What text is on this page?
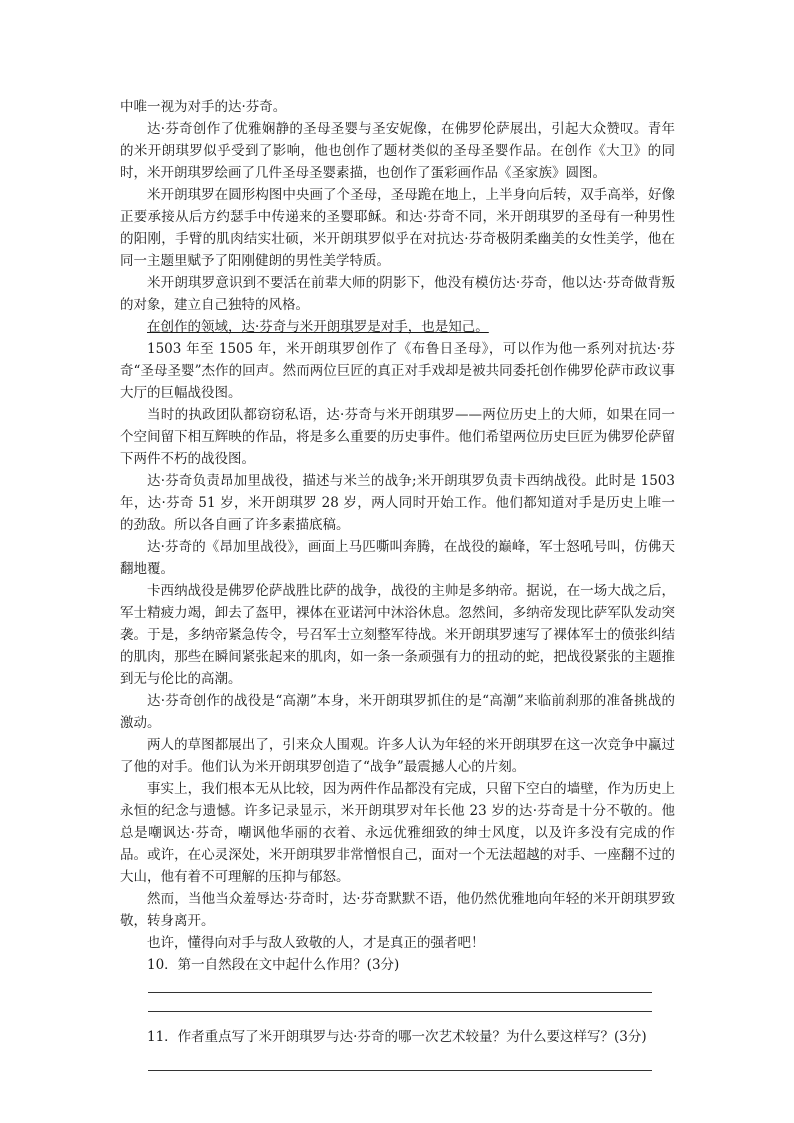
中唯一视为对手的达·芬奇。

达·芬奇创作了优雅娴静的圣母圣婴与圣安妮像，在佛罗伦萨展出，引起大众赞叹。青年的米开朗琪罗似乎受到了影响，他也创作了题材类似的圣母圣婴作品。在创作《大卫》的同时，米开朗琪罗绘画了几件圣母圣婴素描，也创作了蛋彩画作品《圣家族》圆图。

米开朗琪罗在圆形构图中央画了个圣母，圣母跪在地上，上半身向后转，双手高举，好像正要承接从后方约瑟手中传递来的圣婴耶稣。和达·芬奇不同，米开朗琪罗的圣母有一种男性的阳刚，手臂的肌肉结实壮硕，米开朗琪罗似乎在对抗达·芬奇极阴柔幽美的女性美学，他在同一主题里赋予了阳刚健朗的男性美学特质。

米开朗琪罗意识到不要活在前辈大师的阴影下，他没有模仿达·芬奇，他以达·芬奇做背叛的对象，建立自己独特的风格。

在创作的领域，达·芬奇与米开朗琪罗是对手，也是知己。

1503 年至 1505 年，米开朗琪罗创作了《布鲁日圣母》，可以作为他一系列对抗达·芬奇“圣母圣婴”杰作的回声。然而两位巨匠的真正对手戏却是被共同委托创作佛罗伦萨市政议事大厅的巨幅战役图。

当时的执政团队都窃窃私语，达·芬奇与米开朗琪罗——两位历史上的大师，如果在同一个空间留下相互辉映的作品，将是多么重要的历史事件。他们希望两位历史巨匠为佛罗伦萨留下两件不朽的战役图。

达·芬奇负责昂加里战役，描述与米兰的战争;米开朗琪罗负责卡西纳战役。此时是 1503年，达·芬奇 51 岁，米开朗琪罗 28 岁，两人同时开始工作。他们都知道对手是历史上唯一的劲敌。所以各自画了许多素描底稿。

达·芬奇的《昂加里战役》，画面上马匹嘶叫奔腾，在战役的巅峰，军士怒吼号叫，仿佛天翻地覆。

卡西纳战役是佛罗伦萨战胜比萨的战争，战役的主帅是多纳帝。据说，在一场大战之后，军士精疲力竭，卸去了盔甲，裸体在亚诺河中沐浴休息。忽然间，多纳帝发现比萨军队发动突袭。于是，多纳帝紧急传令，号召军士立刻整军待战。米开朗琪罗速写了裸体军士的偾张纠结的肌肉，那些在瞬间紧张起来的肌肉，如一条一条顽强有力的扭动的蛇，把战役紧张的主题推到无与伦比的高潮。

达·芬奇创作的战役是“高潮”本身，米开朗琪罗抓住的是“高潮”来临前刹那的准备挑战的激动。

两人的草图都展出了，引来众人围观。许多人认为年轻的米开朗琪罗在这一次竞争中赢过了他的对手。他们认为米开朗琪罗创造了“战争”最震撼人心的片刻。

事实上，我们根本无从比较，因为两件作品都没有完成，只留下空白的墙壁，作为历史上永恒的纪念与遗憾。许多记录显示，米开朗琪罗对年长他 23 岁的达·芬奇是十分不敬的。他总是嘲讽达·芬奇，嘲讽他华丽的衣着、永远优雅细致的绅士风度，以及许多没有完成的作品。或许，在心灵深处，米开朗琪罗非常憎恨自己，面对一个无法超越的对手、一座翻不过的大山，他有着不可理解的压抑与郁怒。

然而，当他当众羞辱达·芬奇时，达·芬奇默默不语，他仍然优雅地向年轻的米开朗琪罗致敬，转身离开。

也许，懂得向对手与敌人致敬的人，才是真正的强者吧！

10．第一自然段在文中起什么作用？(3分)

11．作者重点写了米开朗琪罗与达·芬奇的哪一次艺术较量？为什么要这样写？(3分)
